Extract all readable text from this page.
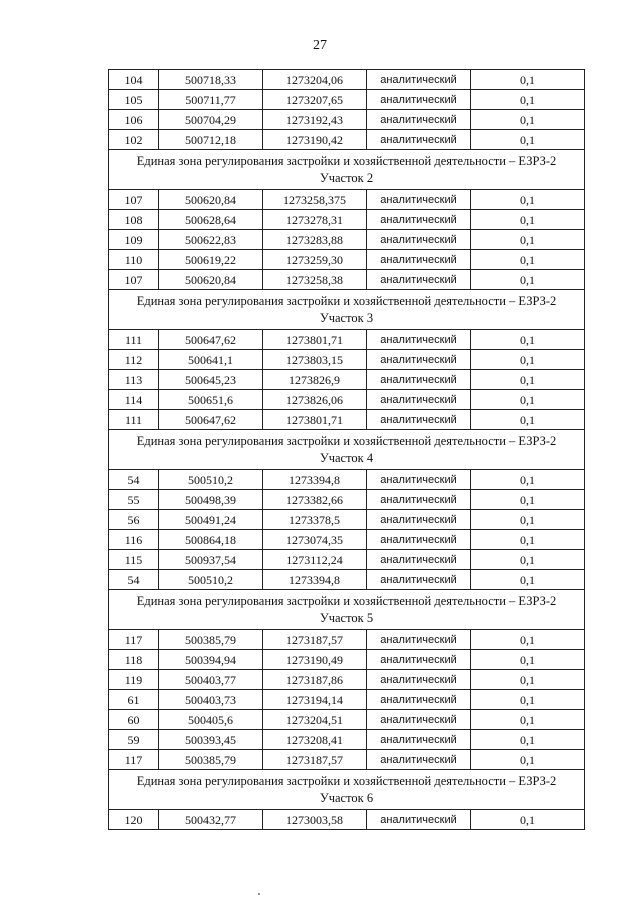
27
104	500718,33	1273204,06	аналитический	0,1
105	500711,77	1273207,65	аналитический	0,1
106	500704,29	1273192,43	аналитический	0,1
102	500712,18	1273190,42	аналитический	0,1

Единая зона регулирования застройки и хозяйственной деятельности – ЕЗРЗ-2
Участок 2				

107	500620,84	1273258,375	аналитический	0,1
108	500628,64	1273278,31	аналитический	0,1
109	500622,83	1273283,88	аналитический	0,1
110	500619,22	1273259,30	аналитический	0,1
107	500620,84	1273258,38	аналитический	0,1

Единая зона регулирования застройки и хозяйственной деятельности – ЕЗРЗ-2
Участок 3				

111	500647,62	1273801,71	аналитический	0,1
112	500641,1	1273803,15	аналитический	0,1
113	500645,23	1273826,9	аналитический	0,1
114	500651,6	1273826,06	аналитический	0,1
111	500647,62	1273801,71	аналитический	0,1

Единая зона регулирования застройки и хозяйственной деятельности – ЕЗРЗ-2
Участок 4				

54	500510,2	1273394,8	аналитический	0,1
55	500498,39	1273382,66	аналитический	0,1
56	500491,24	1273378,5	аналитический	0,1
116	500864,18	1273074,35	аналитический	0,1
115	500937,54	1273112,24	аналитический	0,1
54	500510,2	1273394,8	аналитический	0,1

Единая зона регулирования застройки и хозяйственной деятельности – ЕЗРЗ-2
Участок 5				

117	500385,79	1273187,57	аналитический	0,1
118	500394,94	1273190,49	аналитический	0,1
119	500403,77	1273187,86	аналитический	0,1
61	500403,73	1273194,14	аналитический	0,1
60	500405,6	1273204,51	аналитический	0,1
59	500393,45	1273208,41	аналитический	0,1
117	500385,79	1273187,57	аналитический	0,1

Единая зона регулирования застройки и хозяйственной деятельности – ЕЗРЗ-2
Участок 6				

120	500432,77	1273003,58	аналитический	0,1
